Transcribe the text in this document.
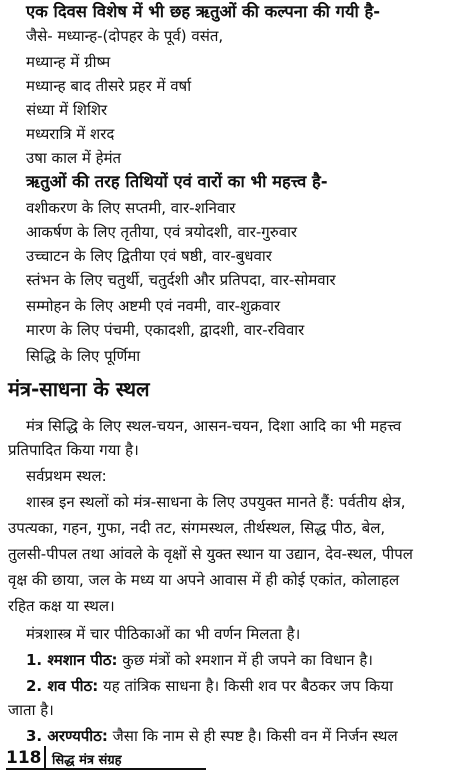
एक दिवस विशेष में भी छह ऋतुओं की कल्पना की गयी है-
जैसे- मध्यान्ह-(दोपहर के पूर्व) वसंत,
मध्यान्ह में ग्रीष्म
मध्यान्ह बाद तीसरे प्रहर में वर्षा
संध्या में शिशिर
मध्यरात्रि में शरद
उषा काल में हेमंत
ऋतुओं की तरह तिथियों एवं वारों का भी महत्त्व है-
वशीकरण के लिए सप्तमी, वार-शनिवार
आकर्षण के लिए तृतीया, एवं त्रयोदशी, वार-गुरुवार
उच्चाटन के लिए द्वितीया एवं षष्ठी, वार-बुधवार
स्तंभन के लिए चतुर्थी, चतुर्दशी और प्रतिपदा, वार-सोमवार
सम्मोहन के लिए अष्टमी एवं नवमी, वार-शुक्रवार
मारण के लिए पंचमी, एकादशी, द्वादशी, वार-रविवार
सिद्धि के लिए पूर्णिमा
मंत्र-साधना के स्थल
मंत्र सिद्धि के लिए स्थल-चयन, आसन-चयन, दिशा आदि का भी महत्त्व
प्रतिपादित किया गया है।
सर्वप्रथम स्थल:
शास्त्र इन स्थलों को मंत्र-साधना के लिए उपयुक्त मानते हैं: पर्वतीय क्षेत्र,
उपत्यका, गहन, गुफा, नदी तट, संगमस्थल, तीर्थस्थल, सिद्ध पीठ, बेल,
तुलसी-पीपल तथा आंवले के वृक्षों से युक्त स्थान या उद्यान, देव-स्थल, पीपल
वृक्ष की छाया, जल के मध्य या अपने आवास में ही कोई एकांत, कोलाहल
रहित कक्ष या स्थल।
मंत्रशास्त्र में चार पीठिकाओं का भी वर्णन मिलता है।
1. श्मशान पीठ: कुछ मंत्रों को श्मशान में ही जपने का विधान है।
2. शव पीठ: यह तांत्रिक साधना है। किसी शव पर बैठकर जप किया
जाता है।
3. अरण्यपीठ: जैसा कि नाम से ही स्पष्ट है। किसी वन में निर्जन स्थल
118 सिद्ध मंत्र संग्रह
